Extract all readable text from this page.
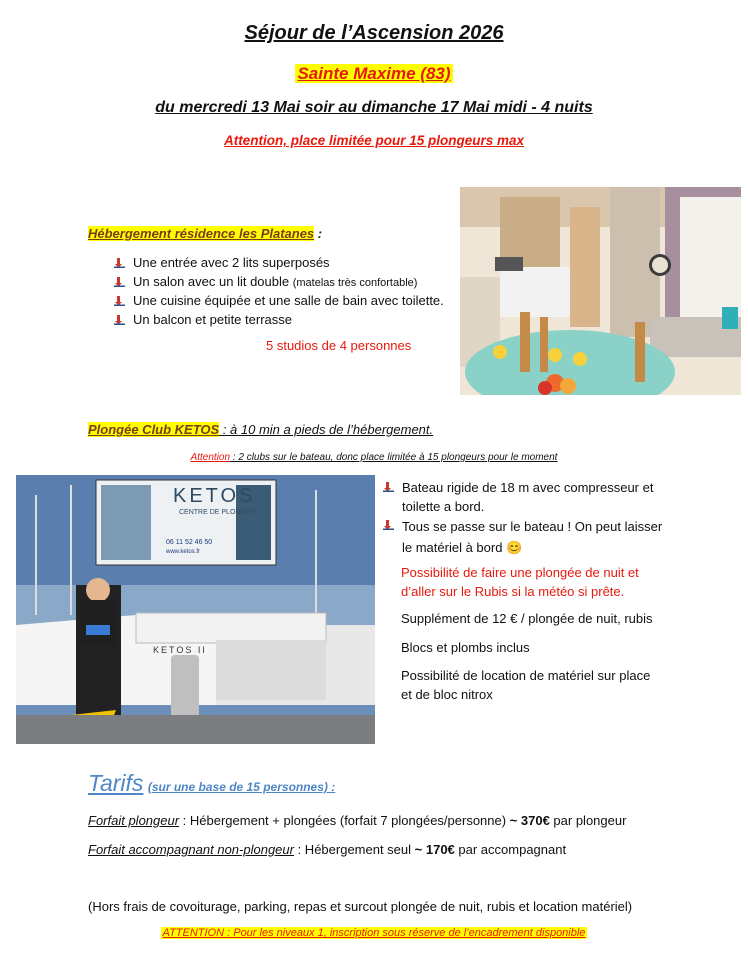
Séjour de l’Ascension 2026
Sainte Maxime (83)
du mercredi 13 Mai soir au dimanche 17 Mai midi - 4 nuits
Attention, place limitée pour 15 plongeurs max
Hébergement résidence les Platanes :
Une entrée avec 2 lits superposés
Un salon avec un lit double (matelas très confortable)
Une cuisine équipée et une salle de bain avec toilette.
Un balcon et petite terrasse
5 studios de 4 personnes
Plongée Club KETOS : à 10 min a pieds de l’hébergement.
Attention : 2 clubs sur le bateau, donc place limitée à 15 plongeurs pour le moment
KETOS
CENTRE DE PLONGÉE
06 11 52 46 50
www.ketos.fr
KETOS II
Bateau rigide de 18 m avec compresseur et toilette a bord.
Tous se passe sur le bateau ! On peut laisser le matériel à bord 😊
Possibilité de faire une plongée de nuit et d’aller sur le Rubis si la météo si prête.
Supplément de 12 € / plongée de nuit, rubis
Blocs et plombs inclus
Possibilité de location de matériel sur place et de bloc nitrox
Tarifs (sur une base de 15 personnes) :
Forfait plongeur : Hébergement + plongées (forfait 7 plongées/personne) ~ 370€ par plongeur
Forfait accompagnant non-plongeur : Hébergement seul ~ 170€ par accompagnant
(Hors frais de covoiturage, parking, repas et surcout plongée de nuit, rubis et location matériel)
ATTENTION : Pour les niveaux 1, inscription sous réserve de l’encadrement disponible
